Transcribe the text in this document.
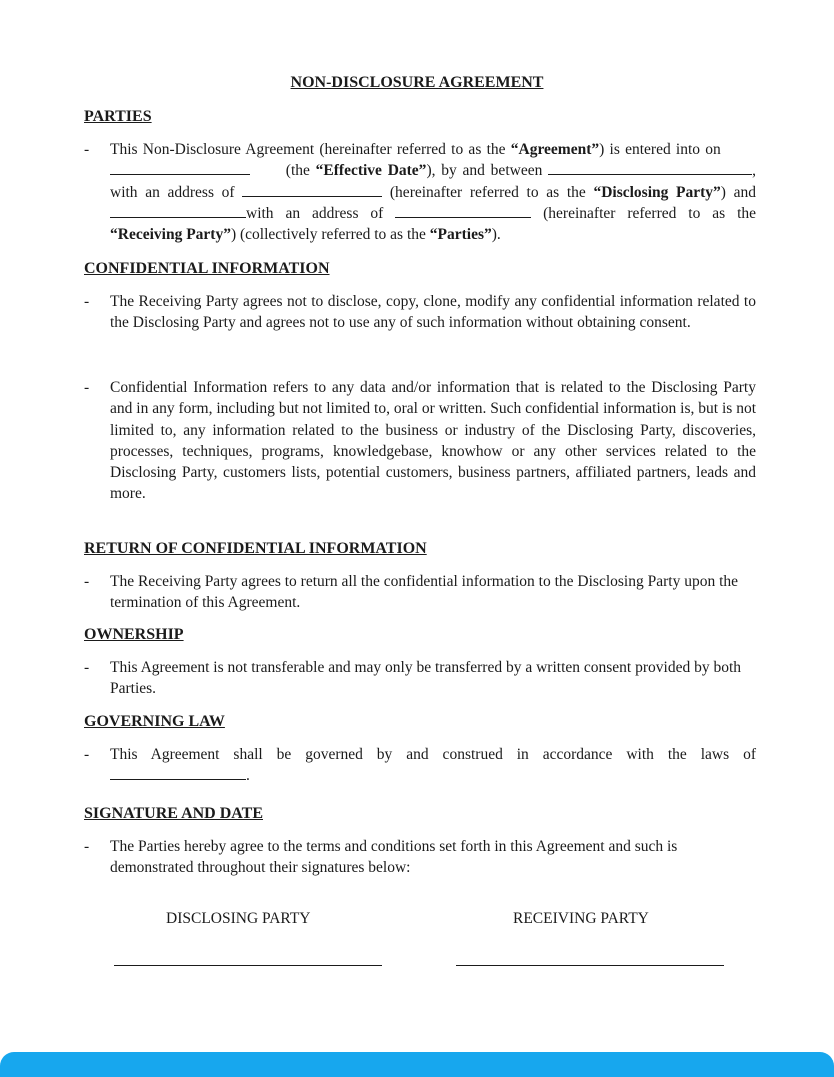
NON-DISCLOSURE AGREEMENT
PARTIES
- This Non-Disclosure Agreement (hereinafter referred to as the “Agreement”) is entered into on  (the “Effective Date”), by and between	, with an address of	(hereinafter referred to as the “Disclosing Party”) and with an address of	(hereinafter referred to as the “Receiving Party”) (collectively referred to as the “Parties”).
CONFIDENTIAL INFORMATION
- The Receiving Party agrees not to disclose, copy, clone, modify any confidential information related to the Disclosing Party and agrees not to use any of such information without obtaining consent.
- Confidential Information refers to any data and/or information that is related to the Disclosing Party and in any form, including but not limited to, oral or written. Such confidential information is, but is not limited to, any information related to the business or industry of the Disclosing Party, discoveries, processes, techniques, programs, knowledgebase, knowhow or any other services related to the Disclosing Party, customers lists, potential customers, business partners, affiliated partners, leads and more.
RETURN OF CONFIDENTIAL INFORMATION
- The Receiving Party agrees to return all the confidential information to the Disclosing Party upon the termination of this Agreement.
OWNERSHIP
- This Agreement is not transferable and may only be transferred by a written consent provided by both Parties.
GOVERNING LAW
- This Agreement shall be governed by and construed in accordance with the laws of .
SIGNATURE AND DATE
- The Parties hereby agree to the terms and conditions set forth in this Agreement and such is demonstrated throughout their signatures below:
DISCLOSING PARTY	RECEIVING PARTY
